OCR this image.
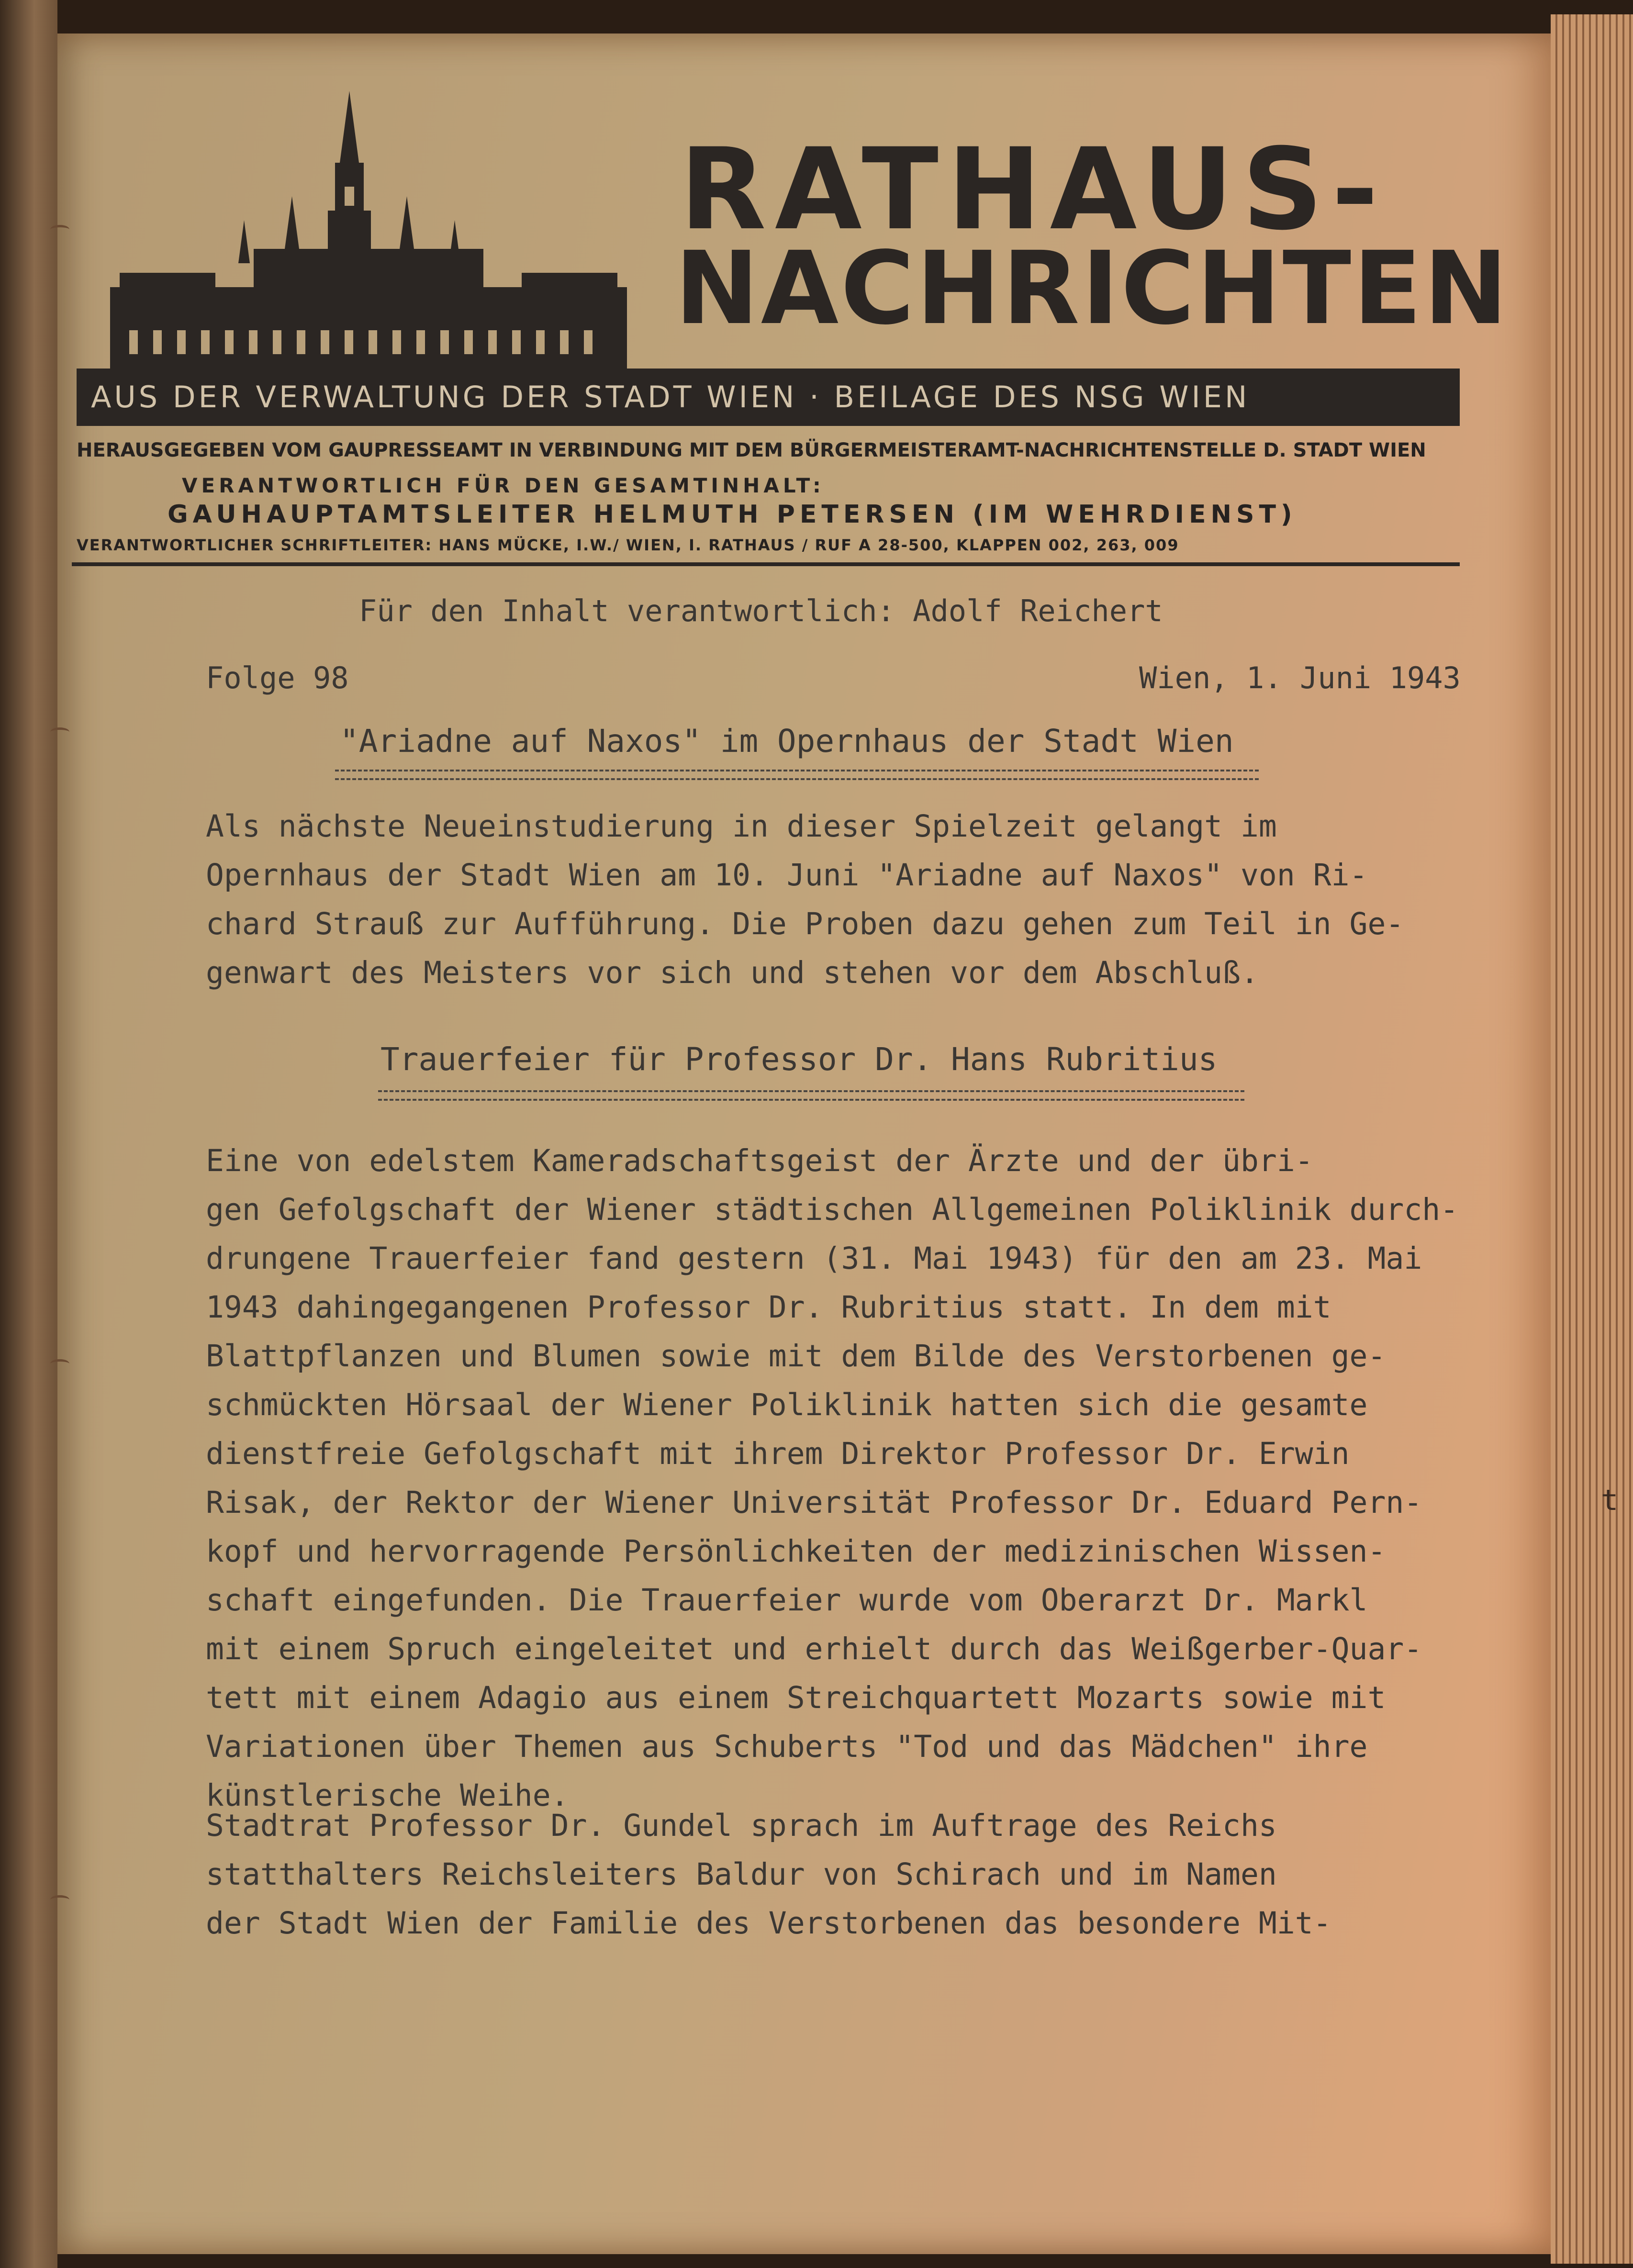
RATHAUS-
NACHRICHTEN
AUS DER VERWALTUNG DER STADT WIEN · BEILAGE DES NSG WIEN
HERAUSGEGEBEN VOM GAUPRESSEAMT IN VERBINDUNG MIT DEM BÜRGERMEISTERAMT-NACHRICHTENSTELLE D. STADT WIEN
VERANTWORTLICH FÜR DEN GESAMTINHALT:
GAUHAUPTAMTSLEITER HELMUTH PETERSEN (IM WEHRDIENST)
VERANTWORTLICHER SCHRIFTLEITER: HANS MÜCKE, I.W./ WIEN, I. RATHAUS / RUF A 28-500, KLAPPEN 002, 263, 009
Für den Inhalt verantwortlich: Adolf Reichert
Folge 98	Wien, 1. Juni 1943
"Ariadne auf Naxos" im Opernhaus der Stadt Wien
Als nächste Neueinstudierung in dieser Spielzeit gelangt im
Opernhaus der Stadt Wien am 10. Juni "Ariadne auf Naxos" von Ri-
chard Strauß zur Aufführung. Die Proben dazu gehen zum Teil in Ge-
genwart des Meisters vor sich und stehen vor dem Abschluß.
Trauerfeier für Professor Dr. Hans Rubritius
Eine von edelstem Kameradschaftsgeist der Ärzte und der übri-
gen Gefolgschaft der Wiener städtischen Allgemeinen Poliklinik durch-
drungene Trauerfeier fand gestern (31. Mai 1943) für den am 23. Mai
1943 dahingegangenen Professor Dr. Rubritius statt. In dem mit
Blattpflanzen und Blumen sowie mit dem Bilde des Verstorbenen ge-
schmückten Hörsaal der Wiener Poliklinik hatten sich die gesamte
dienstfreie Gefolgschaft mit ihrem Direktor Professor Dr. Erwin
Risak, der Rektor der Wiener Universität Professor Dr. Eduard Pern-
kopf und hervorragende Persönlichkeiten der medizinischen Wissen-
schaft eingefunden. Die Trauerfeier wurde vom Oberarzt Dr. Markl
mit einem Spruch eingeleitet und erhielt durch das Weißgerber-Quar-
tett mit einem Adagio aus einem Streichquartett Mozarts sowie mit
Variationen über Themen aus Schuberts "Tod und das Mädchen" ihre
künstlerische Weihe.
Stadtrat Professor Dr. Gundel sprach im Auftrage des Reichs
statthalters Reichsleiters Baldur von Schirach und im Namen
der Stadt Wien der Familie des Verstorbenen das besondere Mit-
t
